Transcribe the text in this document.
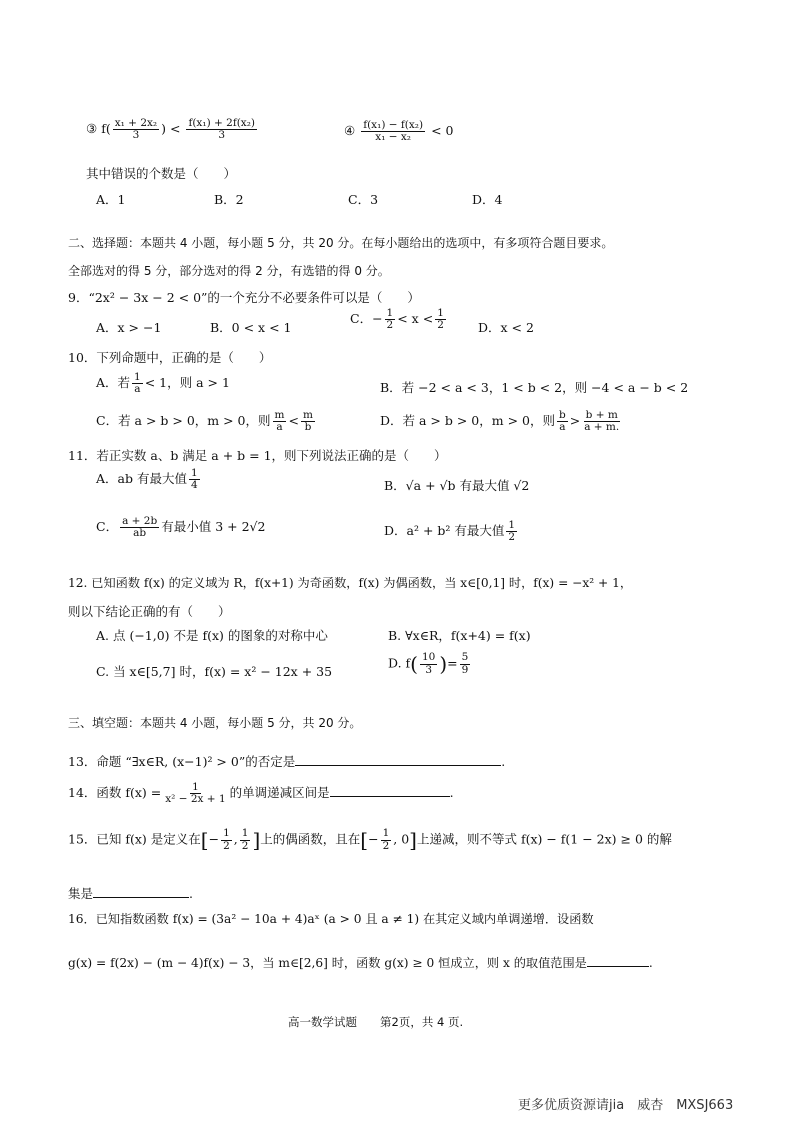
③ $f( \frac{\text{x₁ + 2x₂}}{3}$ ) < $\frac{\text{f(x₁) + 2f(x₂)}}{3}$	④ $\frac{\text{f(x₁) − f(x₂)}}{\text{x₁ − x₂}} < 0$
其中错误的个数是（　　）
A．1	B．2	C．3	D．4
二、选择题：本题共 4 小题，每小题 5 分，共 20 分。在每小题给出的选项中，有多项符合题目要求。
全部选对的得 5 分，部分选对的得 2 分，有选错的得 0 分。
9．“2x² − 3x − 2 < 0”的一个充分不必要条件可以是（　　）
A．x > −1	B．0 < x < 1
C．− $\frac{1}{2} < x < \frac{1}{2}$	D．x < 2
10．下列命题中，正确的是（　　）
A．若 $\frac{1}{a} < 1$，则 a > 1	B．若 −2 < a < 3，1 < b < 2，则 −4 < a − b < 2
C．若 a > b > 0，m > 0，则 $\frac{m}{a} < \frac{m}{b}$	D．若 a > b > 0，m > 0，则 $\frac{b}{a} > \frac{b + m}{a + m.}$
11．若正实数 a、b 满足 a + b = 1，则下列说法正确的是（　　）
A．ab 有最大值 $\frac{1}{4}$	B．√a + √b 有最大值 √2
C． $\frac{a + 2b}{ab}$ 有最小值 3 + 2√2	D．a² + b² 有最大值 $\frac{1}{2}$
12. 已知函数 f(x) 的定义域为 R，f(x+1) 为奇函数，f(x) 为偶函数，当 x∈[0,1] 时，f(x) = −x² + 1，
则以下结论正确的有（　　）
A. 点 (−1,0) 不是 f(x) 的图象的对称中心	B. ∀x∈R，f(x+4) = f(x)
C. 当 x∈[5,7] 时，f(x) = x² − 12x + 35
D. $f( \frac{10}{3}$ )= $\frac{5}{9}$
三、填空题：本题共 4 小题，每小题 5 分，共 20 分。
13．命题 “∃x∈R, (x−1)² > 0”的否定是	.
14．函数 $f(x) = \frac{1}{\text{x² − 2x + 1}}$ 的单调递减区间是	.
15．已知 f(x) 是定义在[− $\frac{1}{2}$ , $\frac{1}{2}$ ]上的偶函数，且在[− $\frac{1}{2}$ , 0]上递减，则不等式 f(x) − f(1 − 2x) ≥ 0 的解
集是	.
16．已知指数函数 f(x) = (3a² − 10a + 4)aˣ (a > 0 且 a ≠ 1) 在其定义域内单调递增．设函数
g(x) = f(2x) − (m − 4)f(x) − 3，当 m∈[2,6] 时，函数 g(x) ≥ 0 恒成立，则 x 的取值范围是	.
高一数学试题　　第2页，共 4 页.
更多优质资源请jia　威杏　MXSJ663
